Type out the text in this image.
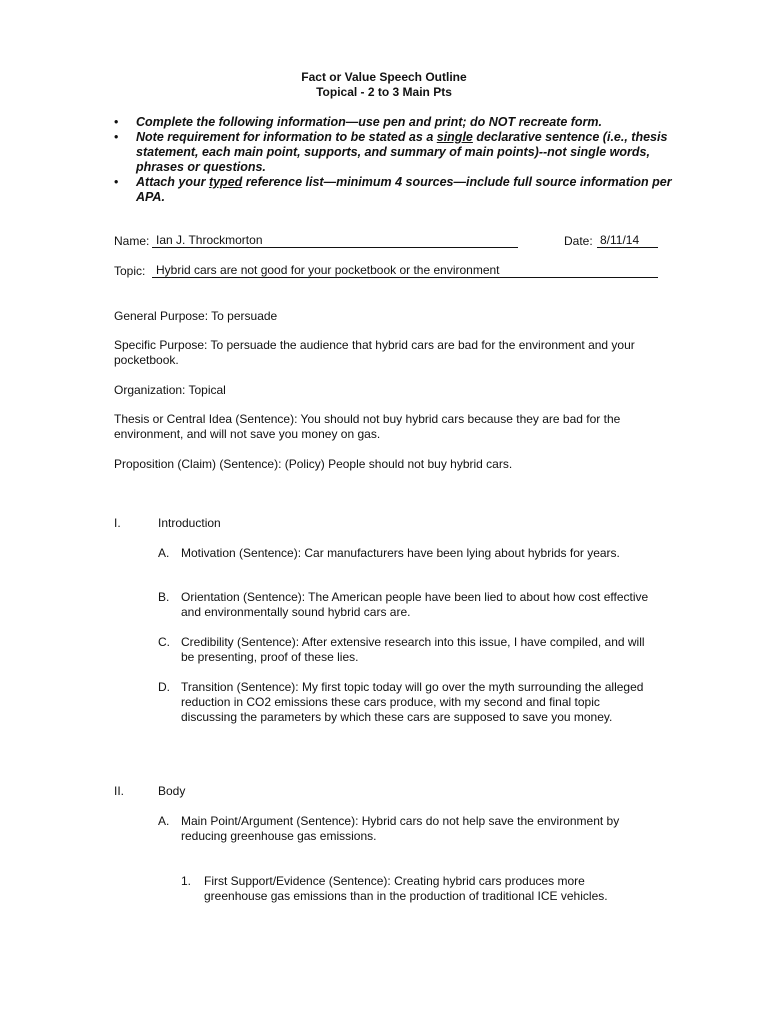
Fact or Value Speech Outline
Topical - 2 to 3 Main Pts
• Complete the following information—use pen and print; do NOT recreate form.
• Note requirement for information to be stated as a single declarative sentence (i.e., thesis statement, each main point, supports, and summary of main points)--not single words, phrases or questions.
• Attach your typed reference list—minimum 4 sources—include full source information per APA.
Name: Ian J. Throckmorton	Date: 8/11/14
Topic: Hybrid cars are not good for your pocketbook or the environment
General Purpose: To persuade
Specific Purpose: To persuade the audience that hybrid cars are bad for the environment and your pocketbook.
Organization: Topical
Thesis or Central Idea (Sentence): You should not buy hybrid cars because they are bad for the environment, and will not save you money on gas.
Proposition (Claim) (Sentence): (Policy) People should not buy hybrid cars.
I.	Introduction
A. Motivation (Sentence): Car manufacturers have been lying about hybrids for years.
B. Orientation (Sentence): The American people have been lied to about how cost effective and environmentally sound hybrid cars are.
C. Credibility (Sentence): After extensive research into this issue, I have compiled, and will be presenting, proof of these lies.
D. Transition (Sentence): My first topic today will go over the myth surrounding the alleged reduction in CO2 emissions these cars produce, with my second and final topic discussing the parameters by which these cars are supposed to save you money.
II.	Body
A. Main Point/Argument (Sentence): Hybrid cars do not help save the environment by reducing greenhouse gas emissions.
1. First Support/Evidence (Sentence): Creating hybrid cars produces more greenhouse gas emissions than in the production of traditional ICE vehicles.
